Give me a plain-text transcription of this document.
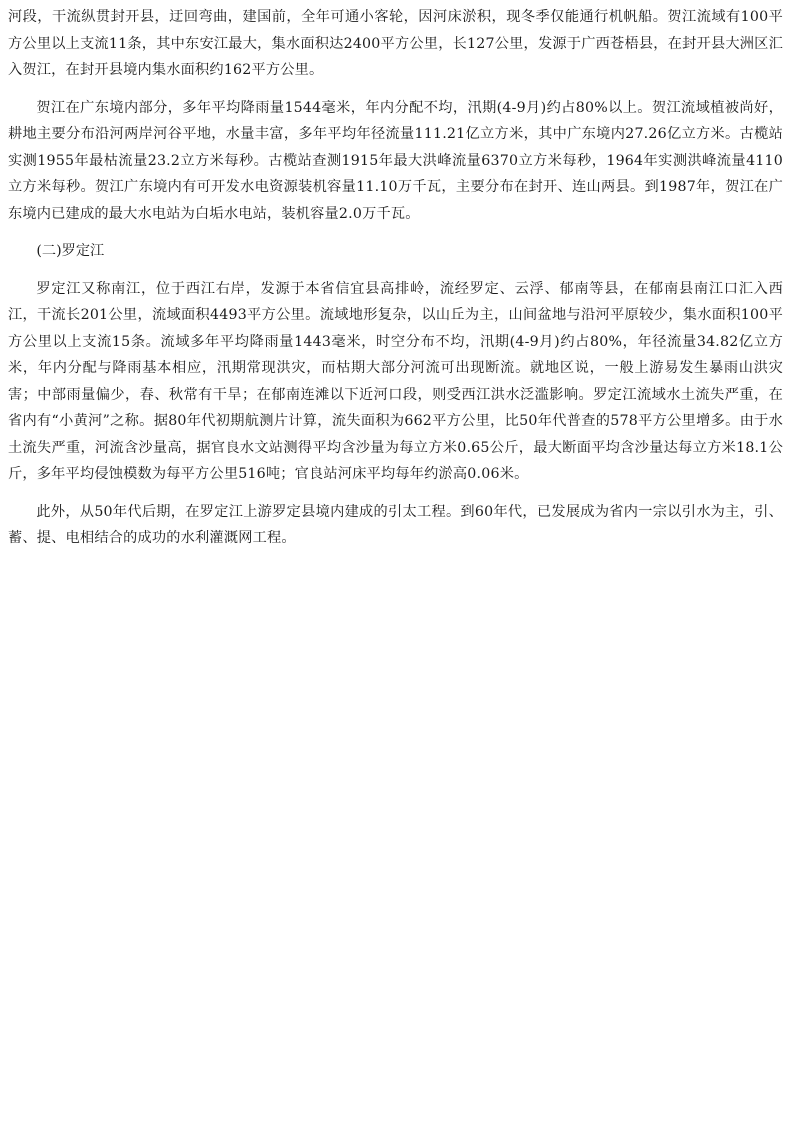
河段，干流纵贯封开县，迂回弯曲，建国前，全年可通小客轮，因河床淤积，现冬季仅能通行机帆船。贺江流域有100平方公里以上支流11条，其中东安江最大，集水面积达2400平方公里，长127公里，发源于广西苍梧县，在封开县大洲区汇入贺江，在封开县境内集水面积约162平方公里。

贺江在广东境内部分，多年平均降雨量1544毫米，年内分配不均，汛期(4-9月)约占80%以上。贺江流域植被尚好，耕地主要分布沿河两岸河谷平地，水量丰富，多年平均年径流量111.21亿立方米，其中广东境内27.26亿立方米。古榄站实测1955年最枯流量23.2立方米每秒。古榄站查测1915年最大洪峰流量6370立方米每秒，1964年实测洪峰流量4110立方米每秒。贺江广东境内有可开发水电资源装机容量11.10万千瓦，主要分布在封开、连山两县。到1987年，贺江在广东境内已建成的最大水电站为白垢水电站，装机容量2.0万千瓦。

(二)罗定江

罗定江又称南江，位于西江右岸，发源于本省信宜县高排岭，流经罗定、云浮、郁南等县，在郁南县南江口汇入西江，干流长201公里，流域面积4493平方公里。流域地形复杂，以山丘为主，山间盆地与沿河平原较少，集水面积100平方公里以上支流15条。流域多年平均降雨量1443毫米，时空分布不均，汛期(4-9月)约占80%，年径流量34.82亿立方米，年内分配与降雨基本相应，汛期常现洪灾，而枯期大部分河流可出现断流。就地区说，一般上游易发生暴雨山洪灾害；中部雨量偏少，春、秋常有干旱；在郁南连滩以下近河口段，则受西江洪水泛滥影响。罗定江流域水土流失严重，在省内有“小黄河”之称。据80年代初期航测片计算，流失面积为662平方公里，比50年代普查的578平方公里增多。由于水土流失严重，河流含沙量高，据官良水文站测得平均含沙量为每立方米0.65公斤，最大断面平均含沙量达每立方米18.1公斤，多年平均侵蚀模数为每平方公里516吨；官良站河床平均每年约淤高0.06米。

此外，从50年代后期，在罗定江上游罗定县境内建成的引太工程。到60年代，已发展成为省内一宗以引水为主，引、蓄、提、电相结合的成功的水利灌溉网工程。
